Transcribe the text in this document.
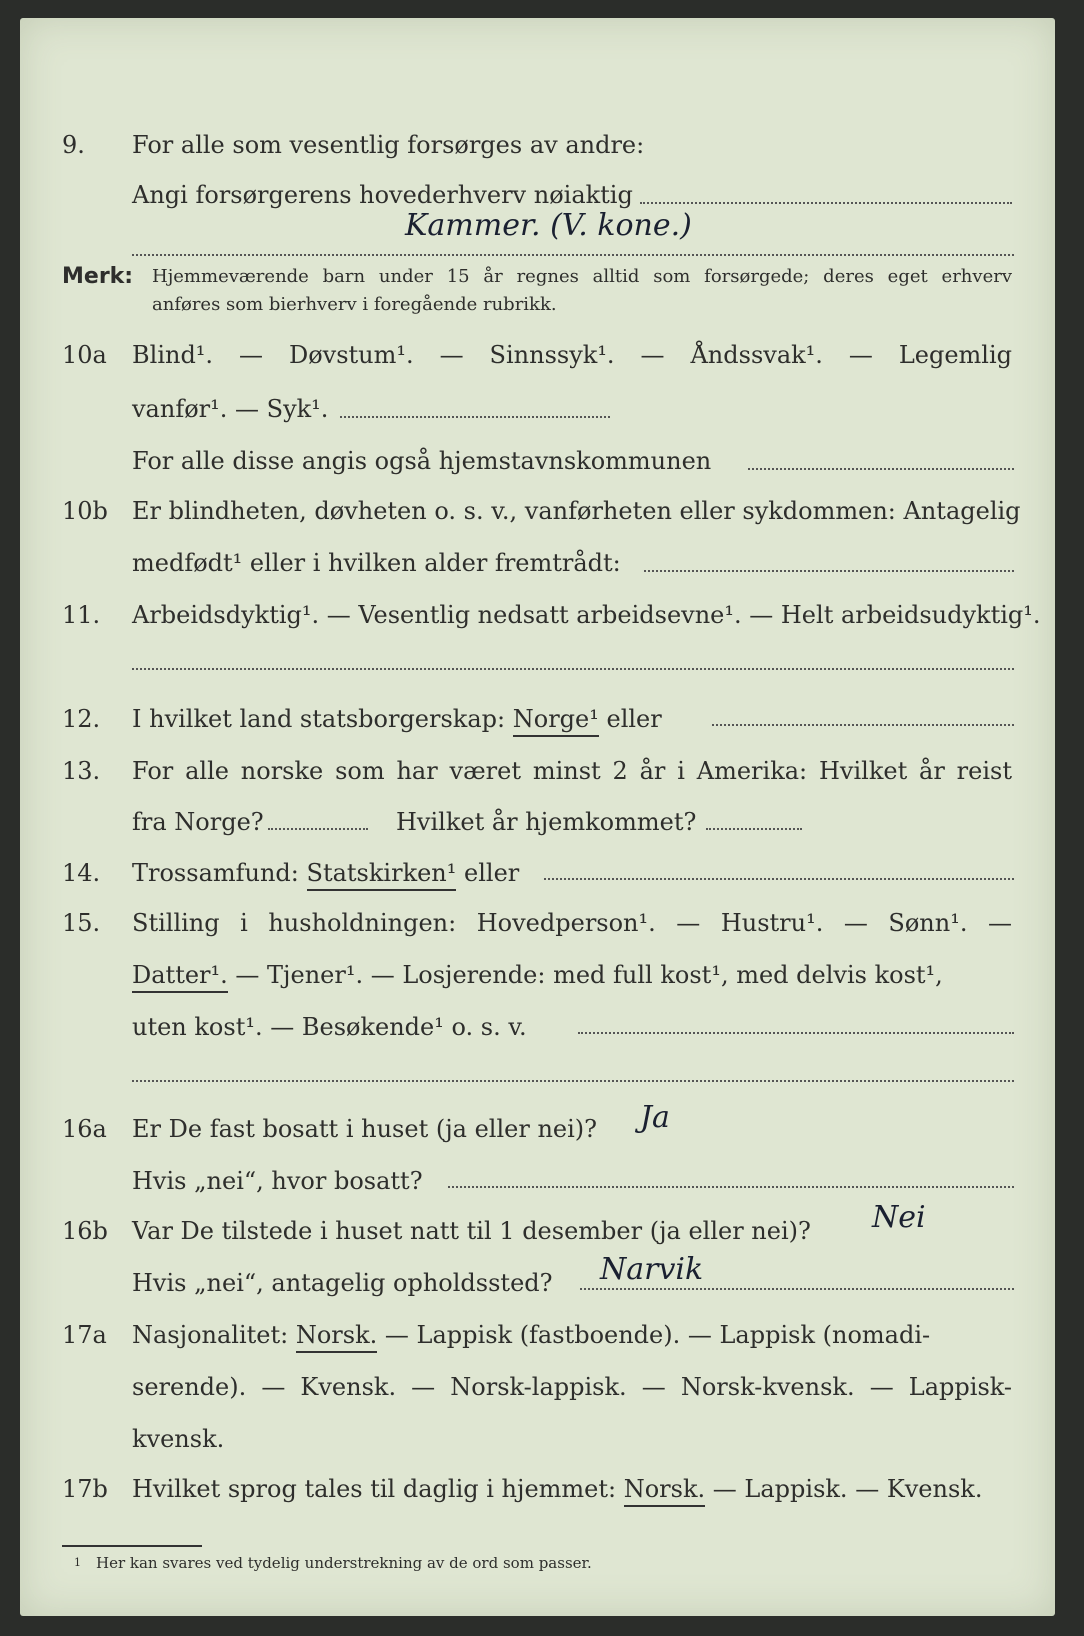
9. For alle som vesentlig forsørges av andre:
Angi forsørgerens hovederhverv nøiaktig
Kammer. (V. kone.)
Merk: Hjemmeværende barn under 15 år regnes alltid som forsørgede; deres eget erhverv
anføres som bierhverv i foregående rubrikk.
10a Blind¹. — Døvstum¹. — Sinnssyk¹. — Åndssvak¹. — Legemlig
vanfør¹. — Syk¹.
For alle disse angis også hjemstavnskommunen
10b Er blindheten, døvheten o. s. v., vanførheten eller sykdommen: Antagelig
medfødt¹ eller i hvilken alder fremtrådt:
11. Arbeidsdyktig¹. — Vesentlig nedsatt arbeidsevne¹. — Helt arbeidsudyktig¹.
12. I hvilket land statsborgerskap: Norge¹ eller
13. For alle norske som har været minst 2 år i Amerika: Hvilket år reist
fra Norge?	Hvilket år hjemkommet?
14. Trossamfund: Statskirken¹ eller
15. Stilling i husholdningen: Hovedperson¹. — Hustru¹. — Sønn¹. —
Datter¹. — Tjener¹. — Losjerende: med full kost¹, med delvis kost¹,
uten kost¹. — Besøkende¹ o. s. v.
16a Er De fast bosatt i huset (ja eller nei)? Ja
Hvis „nei“, hvor bosatt?
16b Var De tilstede i huset natt til 1 desember (ja eller nei)? Nei
Hvis „nei“, antagelig opholdssted? Narvik
17a Nasjonalitet: Norsk. — Lappisk (fastboende). — Lappisk (nomadi-
serende). — Kvensk. — Norsk-lappisk. — Norsk-kvensk. — Lappisk-
kvensk.
17b Hvilket sprog tales til daglig i hjemmet: Norsk. — Lappisk. — Kvensk.
1 Her kan svares ved tydelig understrekning av de ord som passer.
